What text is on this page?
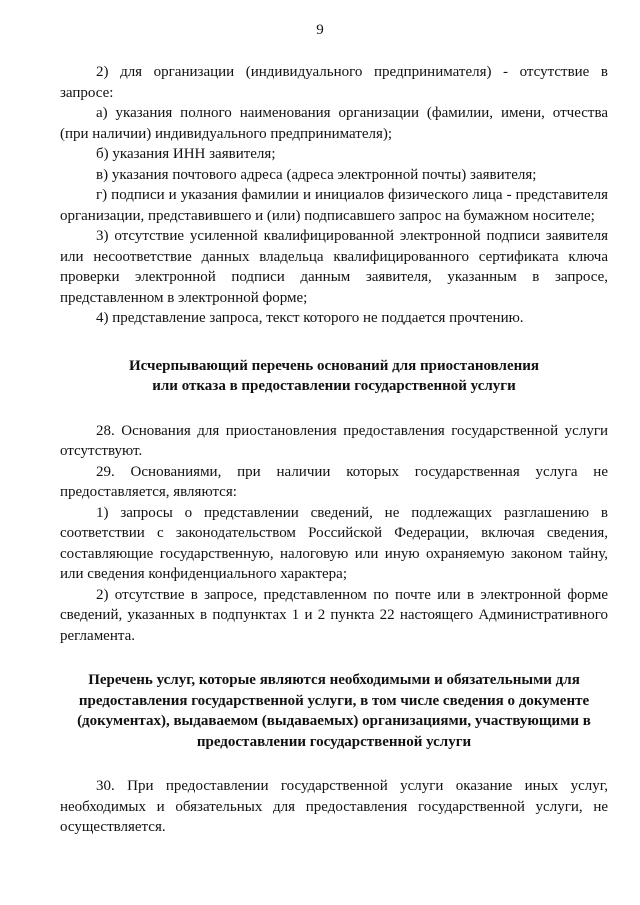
9

2) для организации (индивидуального предпринимателя) - отсутствие в запросе:

а) указания полного наименования организации (фамилии, имени, отчества (при наличии) индивидуального предпринимателя);

б) указания ИНН заявителя;

в) указания почтового адреса (адреса электронной почты) заявителя;

г) подписи и указания фамилии и инициалов физического лица - представителя организации, представившего и (или) подписавшего запрос на бумажном носителе;

3) отсутствие усиленной квалифицированной электронной подписи заявителя или несоответствие данных владельца квалифицированного сертификата ключа проверки электронной подписи данным заявителя, указанным в запросе, представленном в электронной форме;

4) представление запроса, текст которого не поддается прочтению.

Исчерпывающий перечень оснований для приостановления
или отказа в предоставлении государственной услуги

28. Основания для приостановления предоставления государственной услуги отсутствуют.

29. Основаниями, при наличии которых государственная услуга не предоставляется, являются:

1) запросы о представлении сведений, не подлежащих разглашению в соответствии с законодательством Российской Федерации, включая сведения, составляющие государственную, налоговую или иную охраняемую законом тайну, или сведения конфиденциального характера;

2) отсутствие в запросе, представленном по почте или в электронной форме сведений, указанных в подпунктах 1 и 2 пункта 22 настоящего Административного регламента.

Перечень услуг, которые являются необходимыми и обязательными для
предоставления государственной услуги, в том числе сведения о документе
(документах), выдаваемом (выдаваемых) организациями, участвующими в
предоставлении государственной услуги

30. При предоставлении государственной услуги оказание иных услуг, необходимых и обязательных для предоставления государственной услуги, не осуществляется.
